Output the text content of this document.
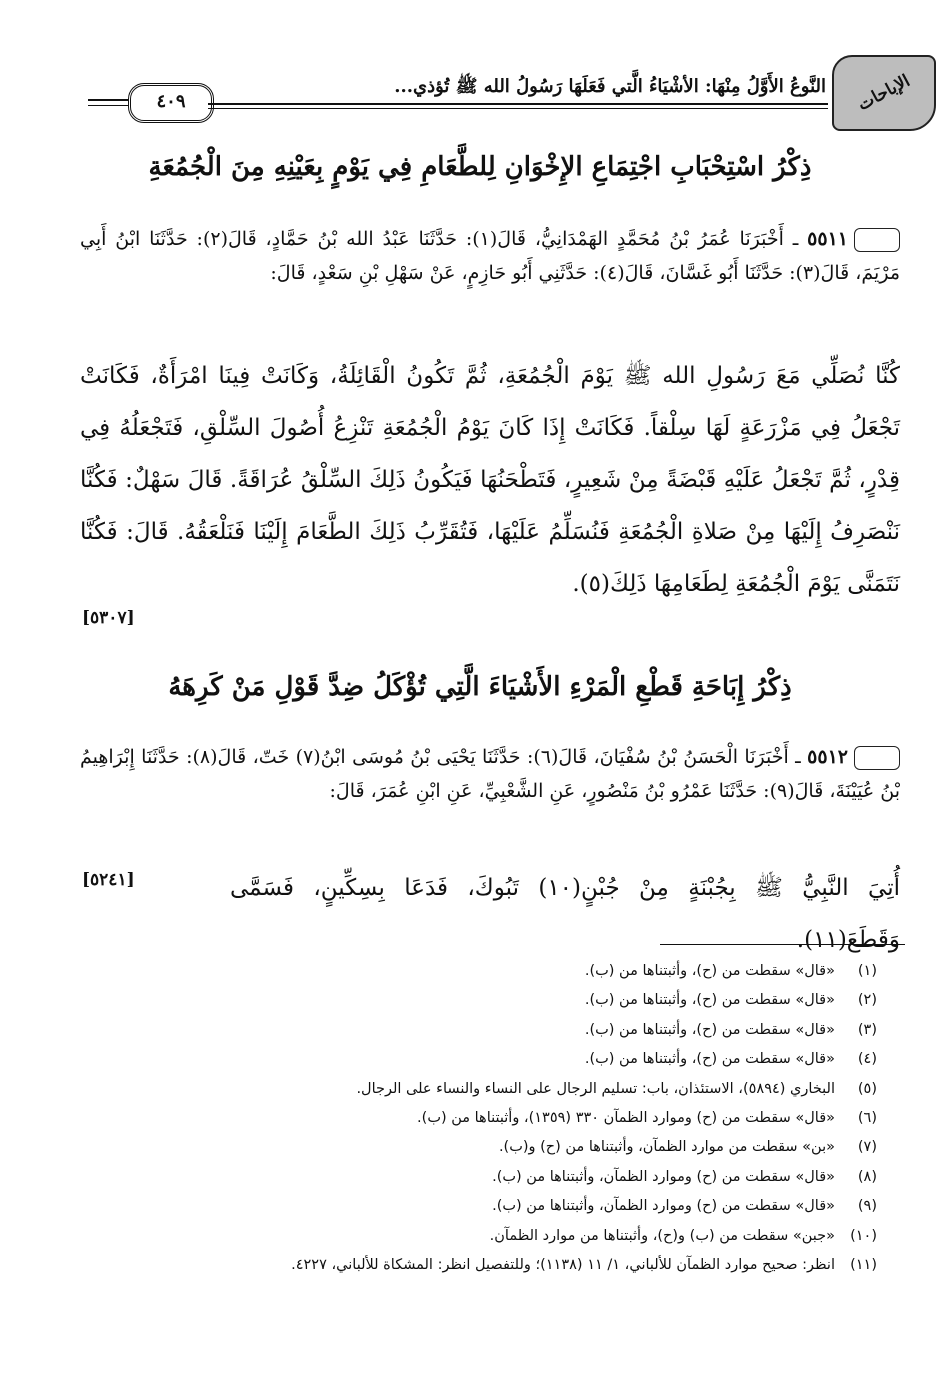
الإباحات
النَّوعُ الأَوَّلُ مِنْهَا: الأشْيَاءُ الَّتي فَعَلَهَا رَسُولُ الله ﷺ تُؤذي...
٤٠٩
ذِكْرُ اسْتِحْبَابِ اجْتِمَاعِ الإِخْوَانِ لِلطَّعَامِ فِي يَوْمٍ بِعَيْنِهِ مِنَ الْجُمُعَةِ
٥٥١١ ـ أَخْبَرَنَا عُمَرُ بْنُ مُحَمَّدٍ الهَمْدَانِيُّ، قَالَ(١): حَدَّثَنَا عَبْدُ الله بْنُ حَمَّادٍ، قَالَ(٢): حَدَّثَنَا ابْنُ أَبِي مَرْيَمَ، قَالَ(٣): حَدَّثَنَا أَبُو غَسَّانَ، قَالَ(٤): حَدَّثَنِي أَبُو حَازِمٍ، عَنْ سَهْلِ بْنِ سَعْدٍ، قَالَ:
كُنَّا نُصَلِّي مَعَ رَسُولِ الله ﷺ يَوْمَ الْجُمُعَةِ، ثُمَّ تَكُونُ الْقَائِلَةُ، وَكَانَتْ فِينَا امْرَأَةٌ، فَكَانَتْ تَجْعَلُ فِي مَزْرَعَةٍ لَهَا سِلْقاً. فَكَانَتْ إِذَا كَانَ يَوْمُ الْجُمُعَةِ تَنْزِعُ أُصُولَ السِّلْقِ، فَتَجْعَلُهُ فِي قِدْرٍ، ثُمَّ تَجْعَلُ عَلَيْهِ قَبْضَةً مِنْ شَعِيرٍ، فَتَطْحَنُهَا فَيَكُونُ ذَلِكَ السِّلْقُ عُرَاقَةً. قَالَ سَهْلٌ: فَكُنَّا نَنْصَرِفُ إِلَيْهَا مِنْ صَلاةِ الْجُمُعَةِ فَنُسَلِّمُ عَلَيْهَا، فَتُقَرِّبُ ذَلِكَ الطَّعَامَ إِلَيْنَا فَنَلْعَقُهُ. قَالَ: فَكُنَّا نَتَمَنَّى يَوْمَ الْجُمُعَةِ لِطَعَامِهَا ذَلِكَ(٥).
[٥٣٠٧]
ذِكْرُ إِبَاحَةِ قَطْعِ الْمَرْءِ الأَشْيَاءَ الَّتِي تُؤْكَلُ ضِدَّ قَوْلِ مَنْ كَرِهَهُ
٥٥١٢ ـ أَخْبَرَنَا الْحَسَنُ بْنُ سُفْيَانَ، قَالَ(٦): حَدَّثَنَا يَحْيَى بْنُ مُوسَى ابْنُ(٧) خَتّ، قَالَ(٨): حَدَّثَنَا إِبْرَاهِيمُ بْنُ عُيَيْنَةَ، قَالَ(٩): حَدَّثَنَا عَمْرُو بْنُ مَنْصُورٍ، عَنِ الشَّعْبِيِّ، عَنِ ابْنِ عُمَرَ، قَالَ:
أُتِيَ النَّبِيُّ ﷺ بِجُبْنَةٍ مِنْ جُبْنٍ(١٠) تَبُوكَ، فَدَعَا بِسِكِّينٍ، فَسَمَّى وَقَطَعَ(١١).
[٥٢٤١]
(١)«قال» سقطت من (ح)، وأثبتناها من (ب).
(٢)«قال» سقطت من (ح)، وأثبتناها من (ب).
(٣)«قال» سقطت من (ح)، وأثبتناها من (ب).
(٤)«قال» سقطت من (ح)، وأثبتناها من (ب).
(٥)البخاري (٥٨٩٤)، الاستئذان، باب: تسليم الرجال على النساء والنساء على الرجال.
(٦)«قال» سقطت من (ح) وموارد الظمآن ٣٣٠ (١٣٥٩)، وأثبتناها من (ب).
(٧)«بن» سقطت من موارد الظمآن، وأثبتناها من (ح) و(ب).
(٨)«قال» سقطت من (ح) وموارد الظمآن، وأثبتناها من (ب).
(٩)«قال» سقطت من (ح) وموارد الظمآن، وأثبتناها من (ب).
(١٠)«جبن» سقطت من (ب) و(ح)، وأثبتناها من موارد الظمآن.
(١١)انظر: صحيح موارد الظمآن للألباني، ١/ ١١ (١١٣٨)؛ وللتفصيل انظر: المشكاة للألباني، ٤٢٢٧.
